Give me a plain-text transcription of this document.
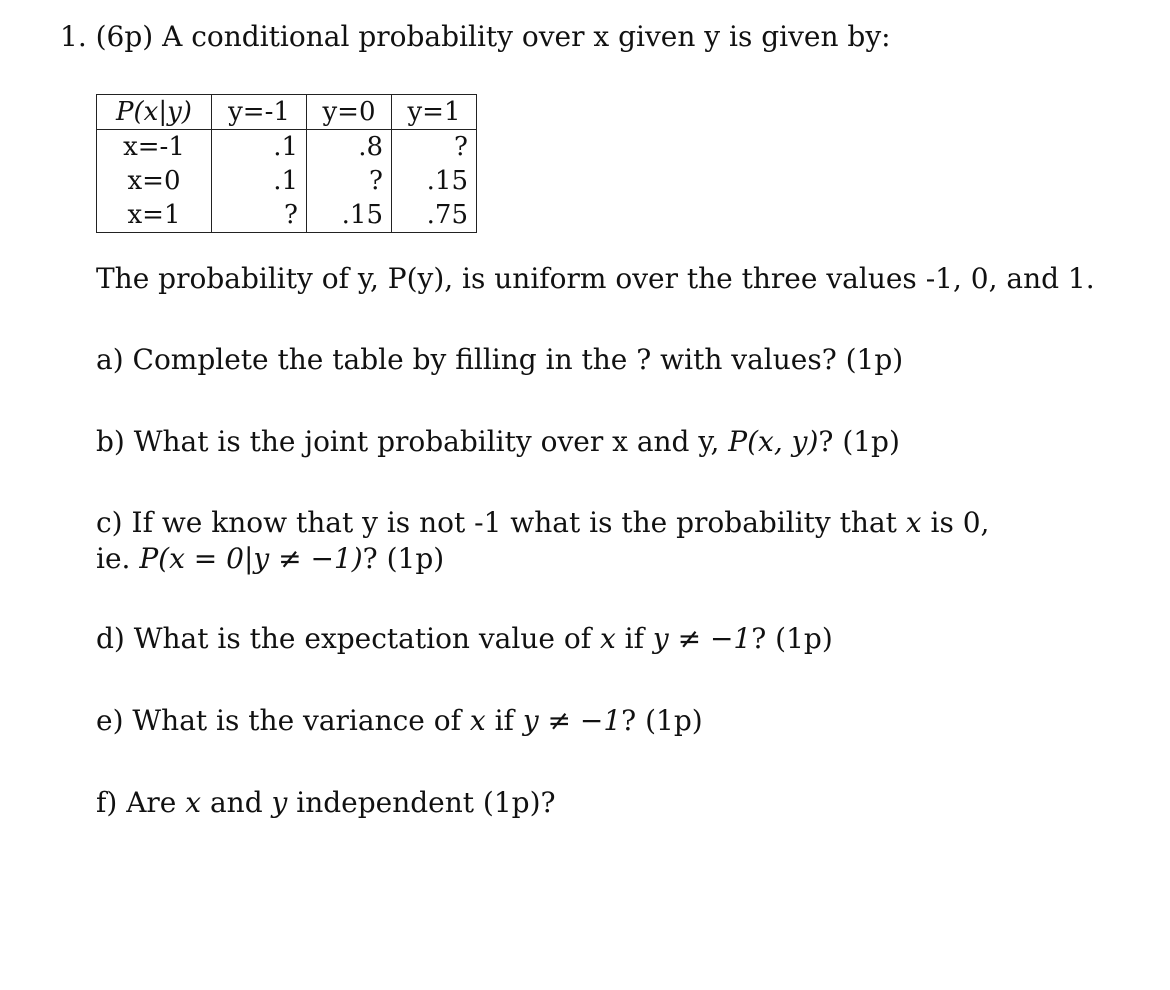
1. (6p) A conditional probability over x given y is given by:
P(x|y)	y=-1	y=0	y=1
x=-1	.1	.8	?
x=0	.1	?	.15
x=1	?	.15	.75
The probability of y, P(y), is uniform over the three values -1, 0, and 1.
a) Complete the table by filling in the ? with values? (1p)
b) What is the joint probability over x and y, P(x, y)? (1p)
c) If we know that y is not -1 what is the probability that x is 0,
ie. P(x = 0|y ≠ −1)? (1p)
d) What is the expectation value of x if y ≠ −1? (1p)
e) What is the variance of x if y ≠ −1? (1p)
f) Are x and y independent (1p)?
